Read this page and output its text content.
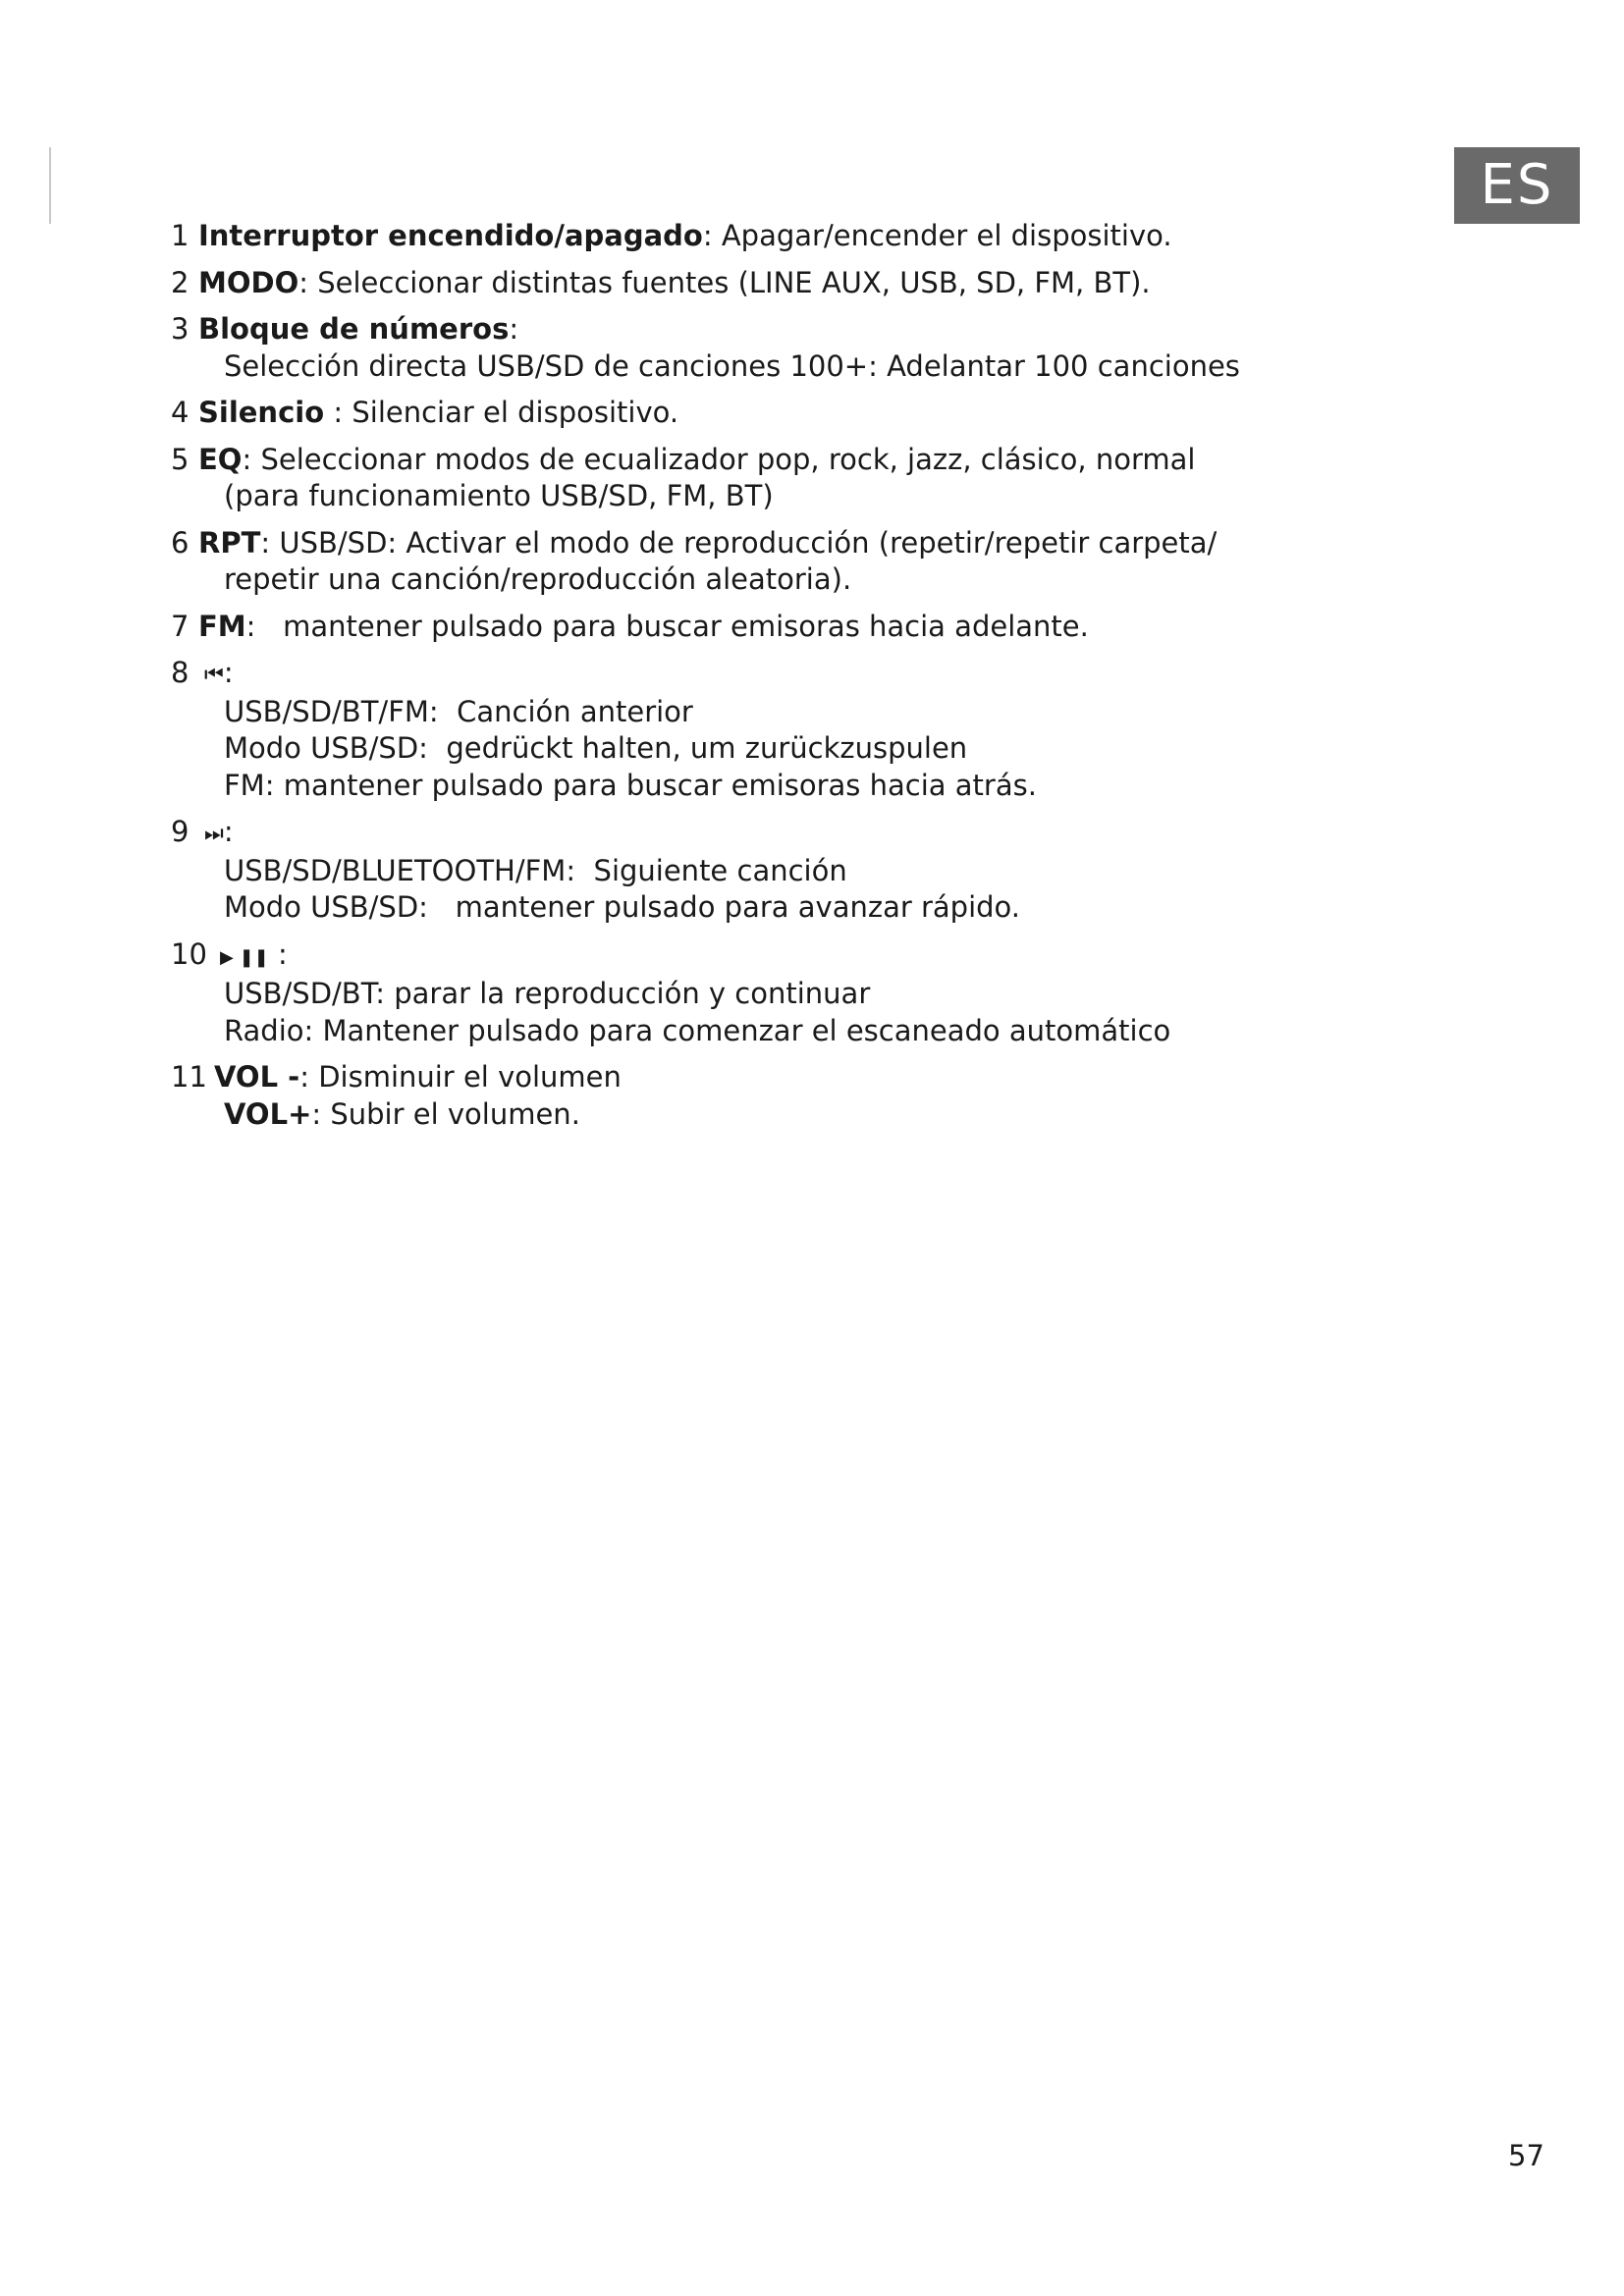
ES
1 Interruptor encendido/apagado: Apagar/encender el dispositivo.
2 MODO: Seleccionar distintas fuentes (LINE AUX, USB, SD, FM, BT).
3 Bloque de números:
Selección directa USB/SD de canciones 100+: Adelantar 100 canciones
4 Silencio : Silenciar el dispositivo.
5 EQ: Seleccionar modos de ecualizador pop, rock, jazz, clásico, normal
(para funcionamiento USB/SD, FM, BT)
6 RPT: USB/SD: Activar el modo de reproducción (repetir/repetir carpeta/
repetir una canción/reproducción aleatoria).
7 FM:   mantener pulsado para buscar emisoras hacia adelante.
8 ⏮:
USB/SD/BT/FM:  Canción anterior
Modo USB/SD:  gedrückt halten, um zurückzuspulen
FM: mantener pulsado para buscar emisoras hacia atrás.
9 ⏭:
USB/SD/BLUETOOTH/FM:  Siguiente canción
Modo USB/SD:   mantener pulsado para avanzar rápido.
10 ▶ ❚❚ :
USB/SD/BT: parar la reproducción y continuar
Radio: Mantener pulsado para comenzar el escaneado automático
11 VOL -: Disminuir el volumen
VOL+: Subir el volumen.
57
